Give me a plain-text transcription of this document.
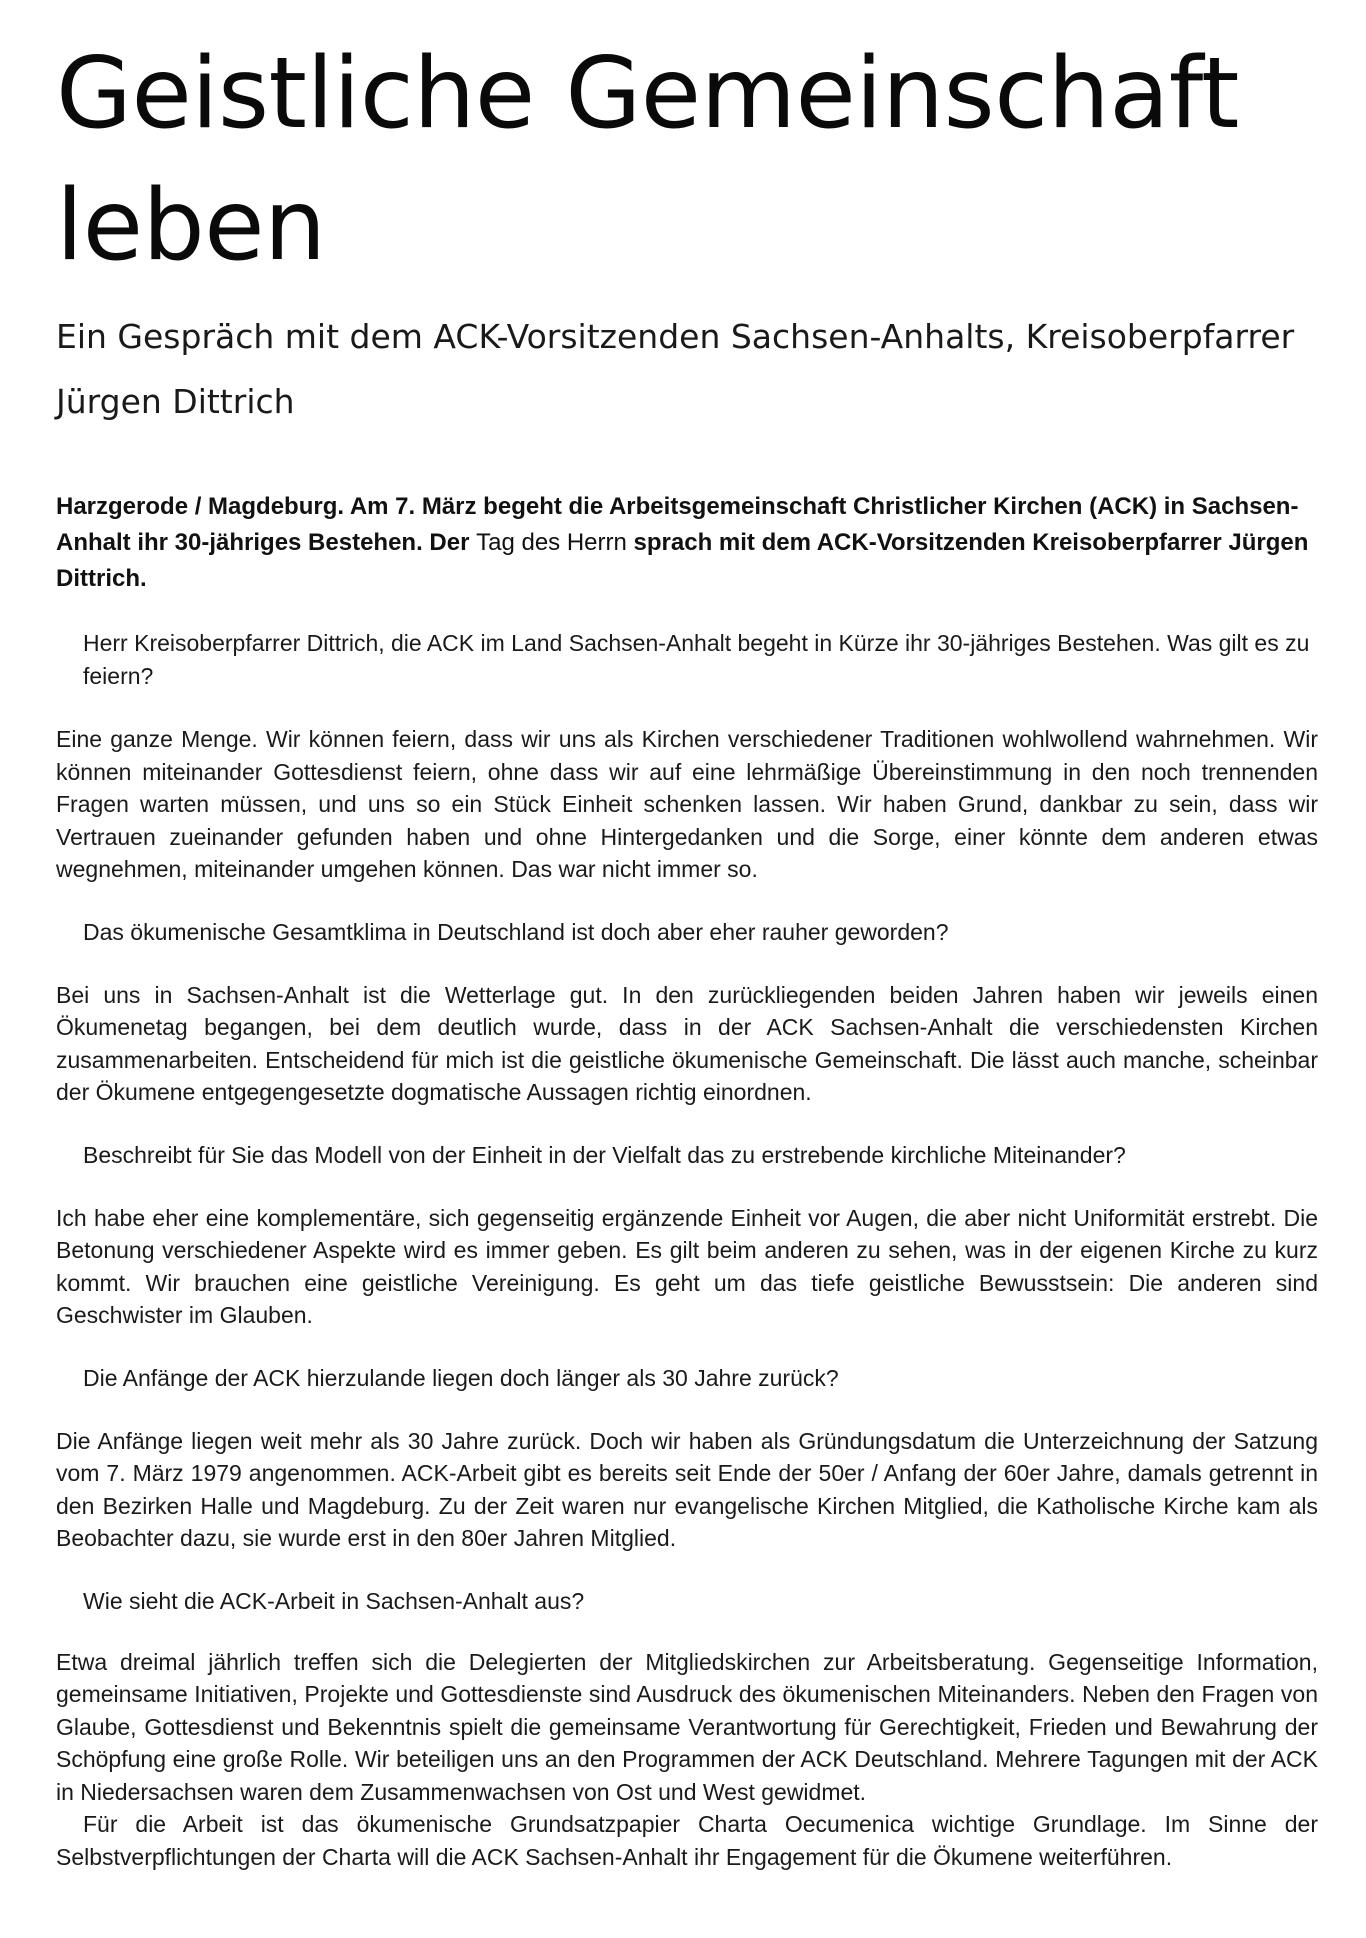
Geistliche Gemeinschaft leben

Ein Gespräch mit dem ACK-Vorsitzenden Sachsen-Anhalts, Kreisoberpfarrer Jürgen Dittrich

Harzgerode / Magdeburg. Am 7. März begeht die Arbeitsgemeinschaft Christlicher Kirchen (ACK) in Sachsen-Anhalt ihr 30-jähriges Bestehen. Der Tag des Herrn sprach mit dem ACK-Vorsitzenden Kreisoberpfarrer Jürgen Dittrich.

Herr Kreisoberpfarrer Dittrich, die ACK im Land Sachsen-Anhalt begeht in Kürze ihr 30-jähriges Bestehen. Was gilt es zu feiern?

Eine ganze Menge. Wir können feiern, dass wir uns als Kirchen verschiedener Traditionen wohlwollend wahrnehmen. Wir können miteinander Gottesdienst feiern, ohne dass wir auf eine lehrmäßige Übereinstimmung in den noch trennenden Fragen warten müssen, und uns so ein Stück Einheit schenken lassen. Wir haben Grund, dankbar zu sein, dass wir Vertrauen zueinander gefunden haben und ohne Hintergedanken und die Sorge, einer könnte dem anderen etwas wegnehmen, miteinander umgehen können. Das war nicht immer so.

Das ökumenische Gesamtklima in Deutschland ist doch aber eher rauher geworden?

Bei uns in Sachsen-Anhalt ist die Wetterlage gut. In den zurückliegenden beiden Jahren haben wir jeweils einen Ökumenetag begangen, bei dem deutlich wurde, dass in der ACK Sachsen-Anhalt die verschiedensten Kirchen zusammenarbeiten. Entscheidend für mich ist die geistliche ökumenische Gemeinschaft. Die lässt auch manche, scheinbar der Ökumene entgegengesetzte dogmatische Aussagen richtig einordnen.

Beschreibt für Sie das Modell von der Einheit in der Vielfalt das zu erstrebende kirchliche Miteinander?

Ich habe eher eine komplementäre, sich gegenseitig ergänzende Einheit vor Augen, die aber nicht Uniformität erstrebt. Die Betonung verschiedener Aspekte wird es immer geben. Es gilt beim anderen zu sehen, was in der eigenen Kirche zu kurz kommt. Wir brauchen eine geistliche Vereinigung. Es geht um das tiefe geistliche Bewusstsein: Die anderen sind Geschwister im Glauben.

Die Anfänge der ACK hierzulande liegen doch länger als 30 Jahre zurück?

Die Anfänge liegen weit mehr als 30 Jahre zurück. Doch wir haben als Gründungsdatum die Unterzeichnung der Satzung vom 7. März 1979 angenommen. ACK-Arbeit gibt es bereits seit Ende der 50er / Anfang der 60er Jahre, damals getrennt in den Bezirken Halle und Magdeburg. Zu der Zeit waren nur evangelische Kirchen Mitglied, die Katholische Kirche kam als Beobachter dazu, sie wurde erst in den 80er Jahren Mitglied.

Wie sieht die ACK-Arbeit in Sachsen-Anhalt aus?

Etwa dreimal jährlich treffen sich die Delegierten der Mitgliedskirchen zur Arbeitsberatung. Gegenseitige Information, gemeinsame Initiativen, Projekte und Gottesdienste sind Ausdruck des ökumenischen Miteinanders. Neben den Fragen von Glaube, Gottesdienst und Bekenntnis spielt die gemeinsame Verantwortung für Gerechtigkeit, Frieden und Bewahrung der Schöpfung eine große Rolle. Wir beteiligen uns an den Programmen der ACK Deutschland. Mehrere Tagungen mit der ACK in Niedersachsen waren dem Zusammenwachsen von Ost und West gewidmet.

Für die Arbeit ist das ökumenische Grundsatzpapier Charta Oecumenica wichtige Grundlage. Im Sinne der Selbstverpflichtungen der Charta will die ACK Sachsen-Anhalt ihr Engagement für die Ökumene weiterführen.
